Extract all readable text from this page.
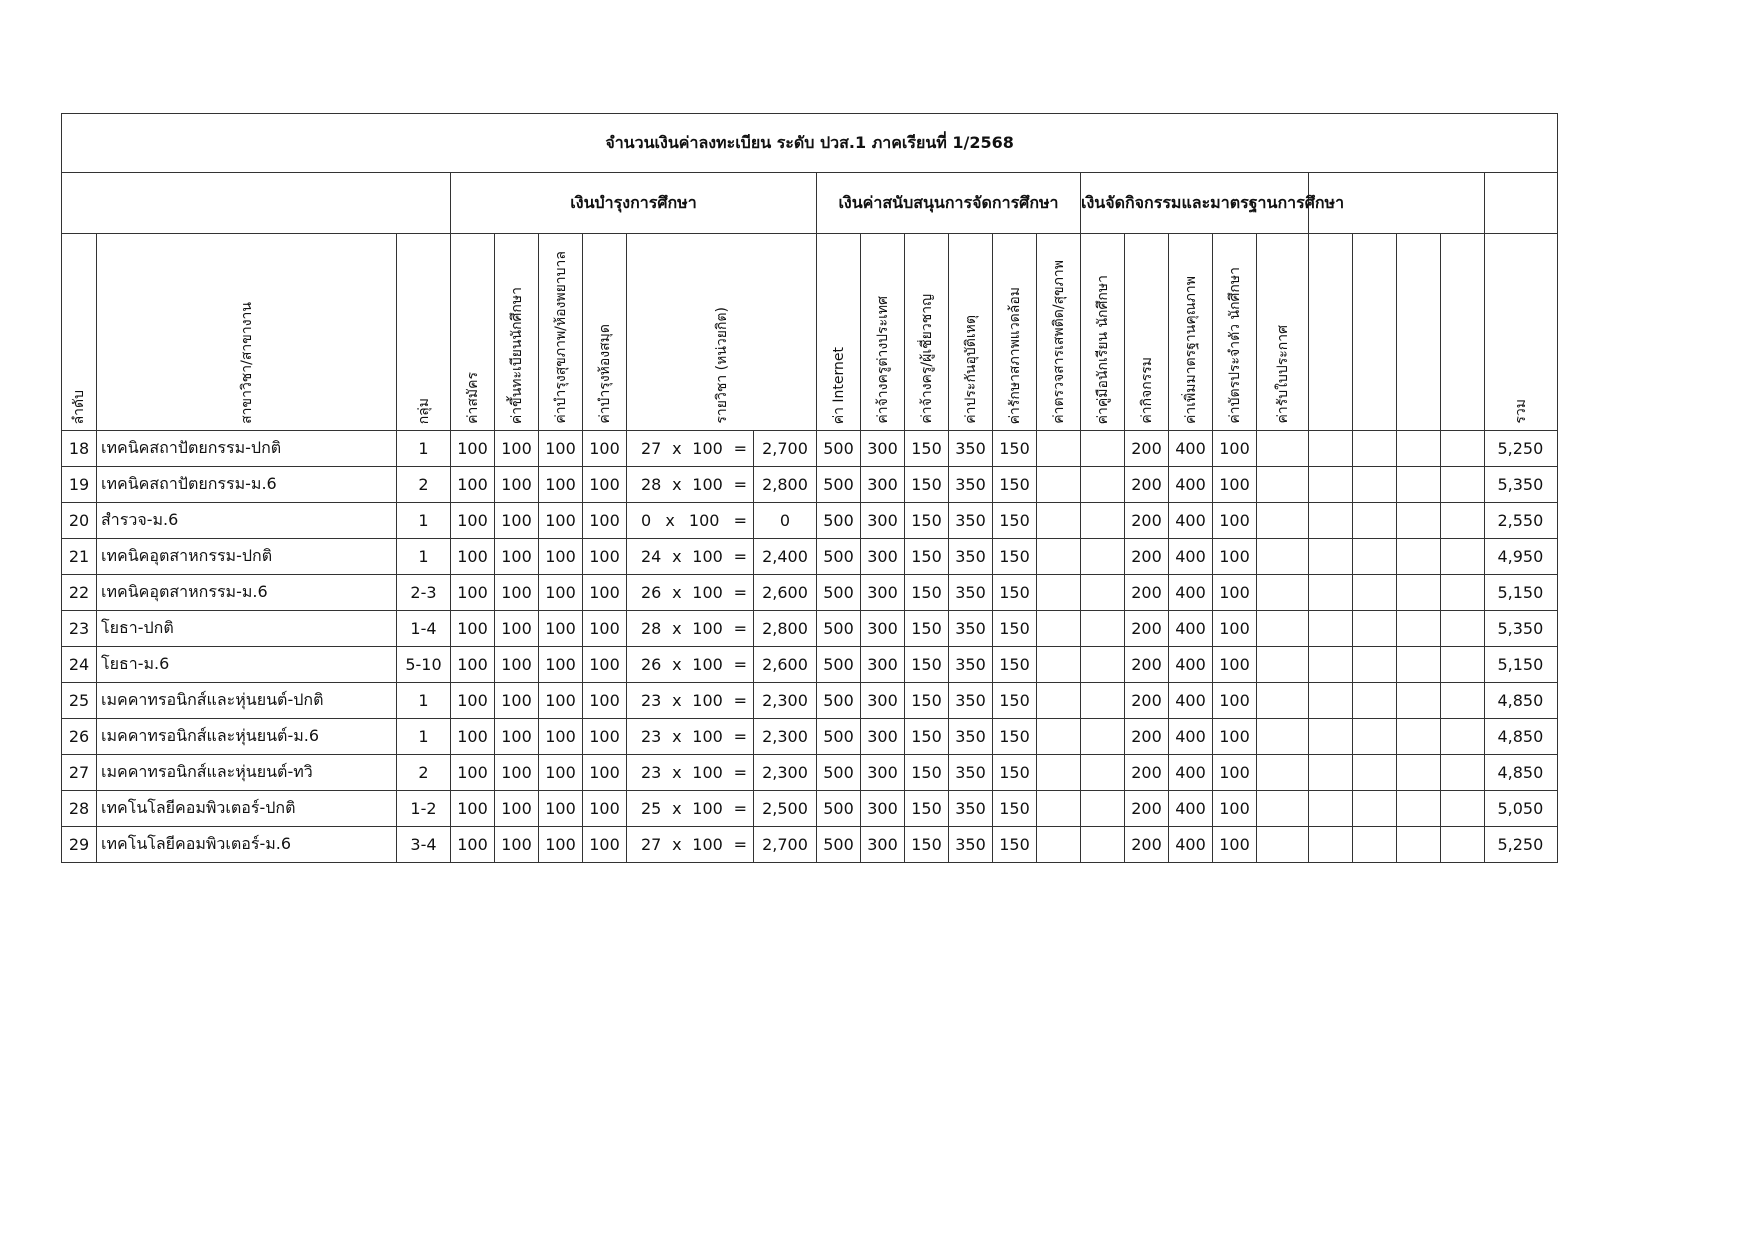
จำนวนเงินค่าลงทะเบียน ระดับ ปวส.1 ภาคเรียนที่ 1/2568																								
			เงินบำรุงการศึกษา						เงินค่าสนับสนุนการจัดการศึกษา						เงินจัดกิจกรรมและมาตรฐานการศึกษา									
ลำดับ	สาขาวิชา/สาขางาน	กลุ่ม	ค่าสมัคร	ค่าขึ้นทะเบียนนักศึกษา	ค่าบำรุงสุขภาพ/ห้องพยาบาล	ค่าบำรุงห้องสมุด	รายวิชา (หน่วยกิต)		ค่า Internet	ค่าจ้างครูต่างประเทศ	ค่าจ้างครู/ผู้เชี่ยวชาญ	ค่าประกันอุบัติเหตุ	ค่ารักษาสภาพแวดล้อม	ค่าตรวจสารเสพติด/สุขภาพ	ค่าคู่มือนักเรียน นักศึกษา	ค่ากิจกรรม	ค่าเพิ่มมาตรฐานคุณภาพ	ค่าบัตรประจำตัว นักศึกษา	ค่ารับใบประกาศ					รวม
18	เทคนิคสถาปัตยกรรม-ปกติ	1	100	100	100	100	27 x 100 =	2,700	500	300	150	350	150			200	400	100						5,250
19	เทคนิคสถาปัตยกรรม-ม.6	2	100	100	100	100	28 x 100 =	2,800	500	300	150	350	150			200	400	100						5,350
20	สำรวจ-ม.6	1	100	100	100	100	0 x 100 =	0	500	300	150	350	150			200	400	100						2,550
21	เทคนิคอุตสาหกรรม-ปกติ	1	100	100	100	100	24 x 100 =	2,400	500	300	150	350	150			200	400	100						4,950
22	เทคนิคอุตสาหกรรม-ม.6	2-3	100	100	100	100	26 x 100 =	2,600	500	300	150	350	150			200	400	100						5,150
23	โยธา-ปกติ	1-4	100	100	100	100	28 x 100 =	2,800	500	300	150	350	150			200	400	100						5,350
24	โยธา-ม.6	5-10	100	100	100	100	26 x 100 =	2,600	500	300	150	350	150			200	400	100						5,150
25	เมคคาทรอนิกส์และหุ่นยนต์-ปกติ	1	100	100	100	100	23 x 100 =	2,300	500	300	150	350	150			200	400	100						4,850
26	เมคคาทรอนิกส์และหุ่นยนต์-ม.6	1	100	100	100	100	23 x 100 =	2,300	500	300	150	350	150			200	400	100						4,850
27	เมคคาทรอนิกส์และหุ่นยนต์-ทวิ	2	100	100	100	100	23 x 100 =	2,300	500	300	150	350	150			200	400	100						4,850
28	เทคโนโลยีคอมพิวเตอร์-ปกติ	1-2	100	100	100	100	25 x 100 =	2,500	500	300	150	350	150			200	400	100						5,050
29	เทคโนโลยีคอมพิวเตอร์-ม.6	3-4	100	100	100	100	27 x 100 =	2,700	500	300	150	350	150			200	400	100						5,250
